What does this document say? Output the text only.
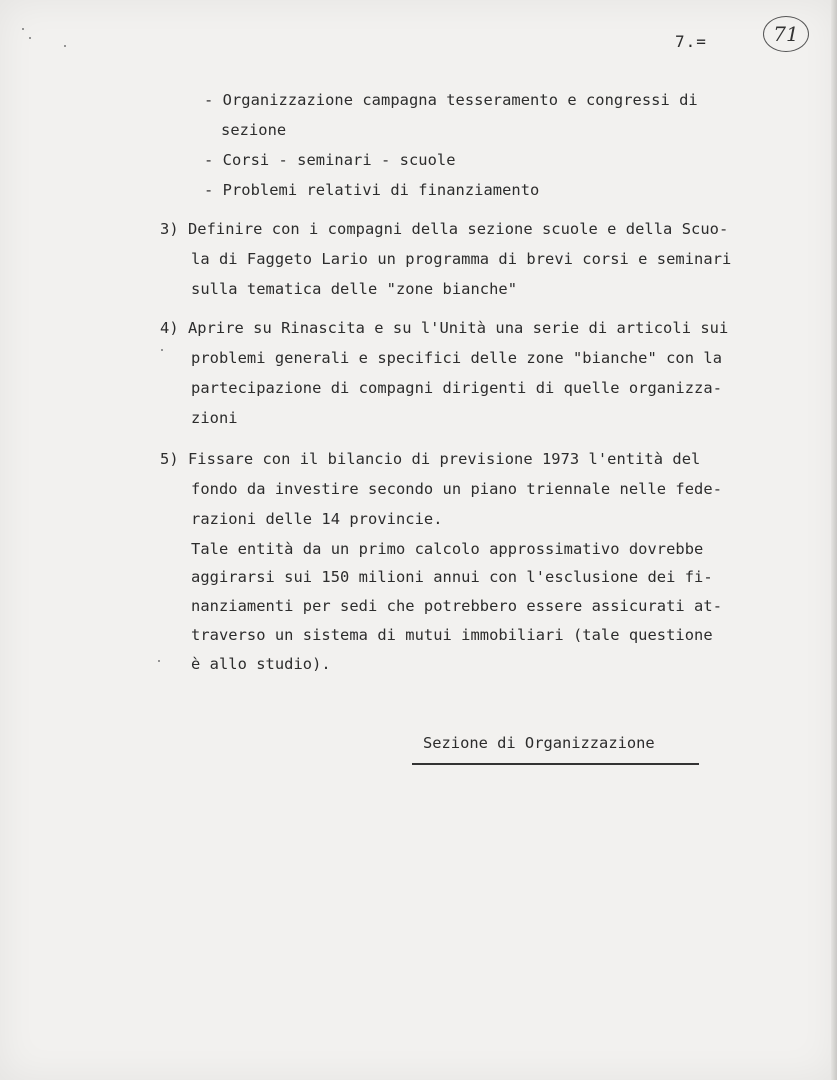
7.=	71
- Organizzazione campagna tesseramento e congressi di
sezione
- Corsi - seminari - scuole
- Problemi relativi di finanziamento
3) Definire con i compagni della sezione scuole e della Scuo-
la di Faggeto Lario un programma di brevi corsi e seminari
sulla tematica delle "zone bianche"
4) Aprire su Rinascita e su l'Unità una serie di articoli sui
problemi generali e specifici delle zone "bianche" con la
partecipazione di compagni dirigenti di quelle organizza-
zioni
5) Fissare con il bilancio di previsione 1973 l'entità del
fondo da investire secondo un piano triennale nelle fede-
razioni delle 14 provincie.
Tale entità da un primo calcolo approssimativo dovrebbe
aggirarsi sui 150 milioni annui con l'esclusione dei fi-
nanziamenti per sedi che potrebbero essere assicurati at-
traverso un sistema di mutui immobiliari (tale questione
è allo studio).
Sezione di Organizzazione
